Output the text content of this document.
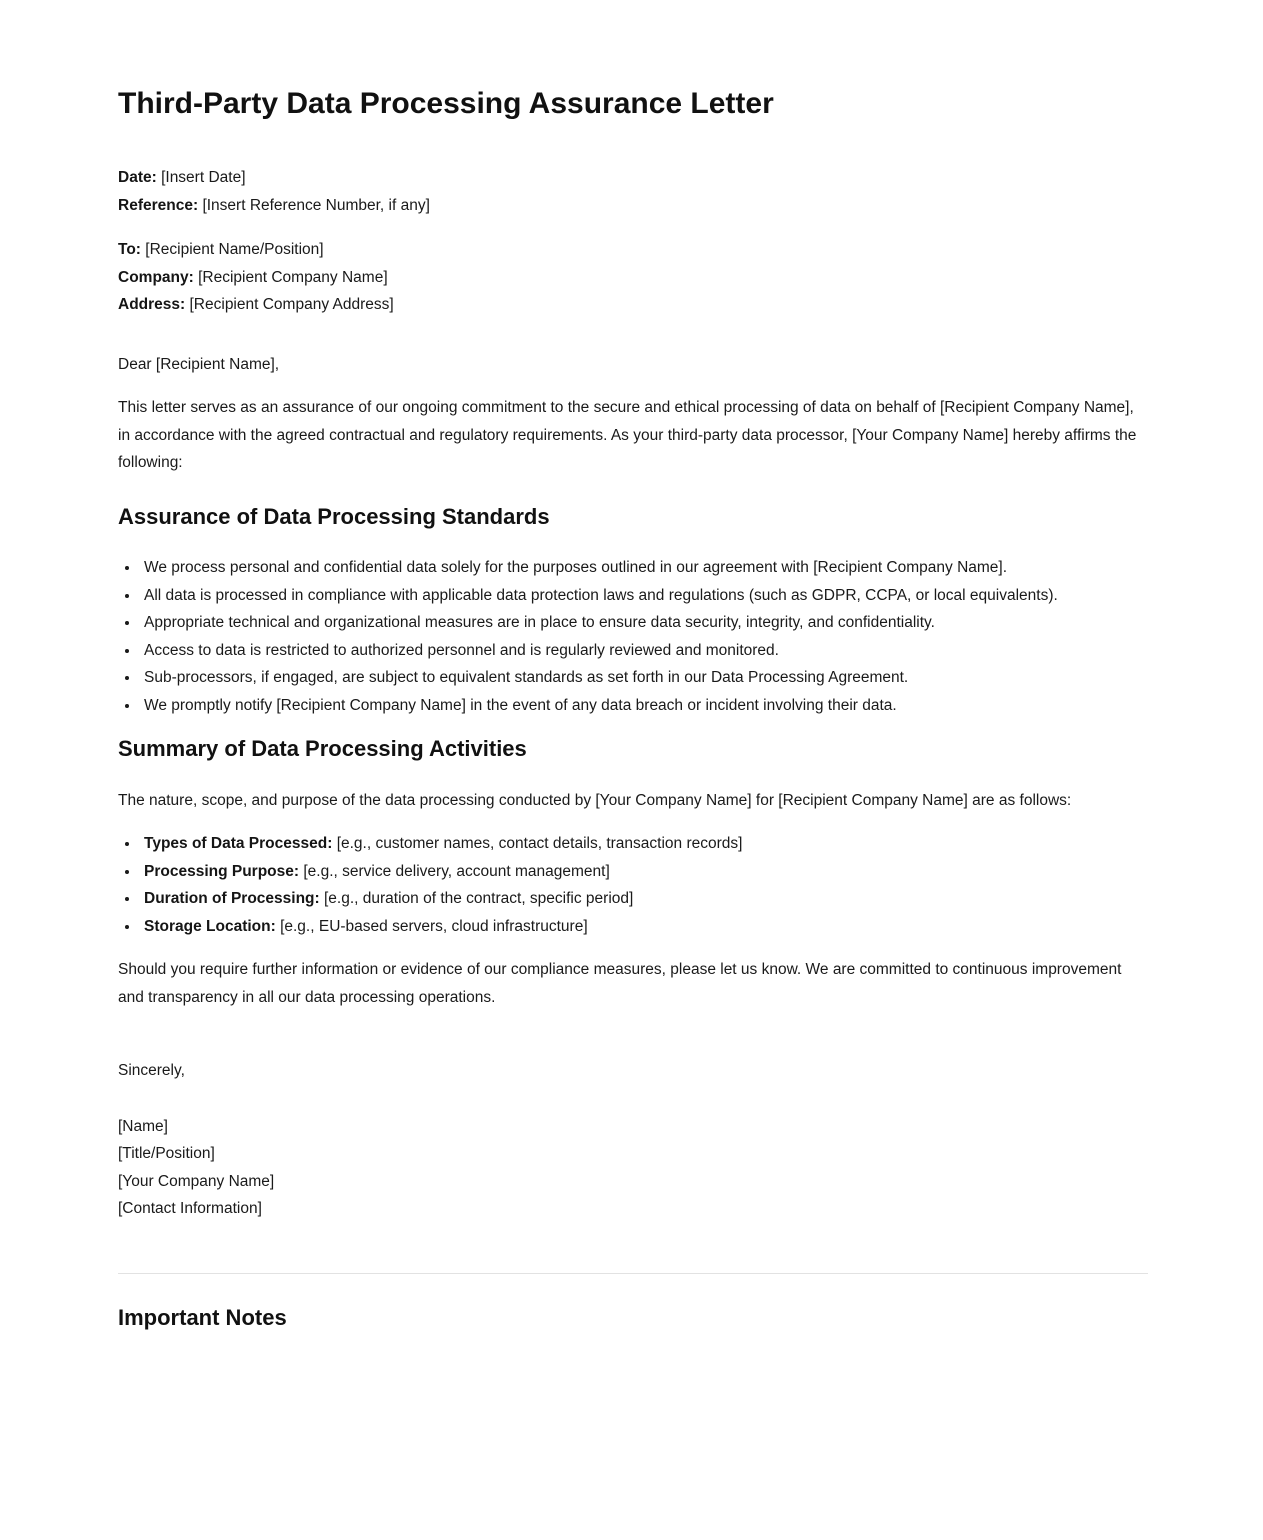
Third-Party Data Processing Assurance Letter

Date: [Insert Date]

Reference: [Insert Reference Number, if any]

To: [Recipient Name/Position]

Company: [Recipient Company Name]

Address: [Recipient Company Address]

Dear [Recipient Name],

This letter serves as an assurance of our ongoing commitment to the secure and ethical processing of data on behalf of [Recipient Company Name], in accordance with the agreed contractual and regulatory requirements. As your third-party data processor, [Your Company Name] hereby affirms the following:

Assurance of Data Processing Standards
• We process personal and confidential data solely for the purposes outlined in our agreement with [Recipient Company Name].
• All data is processed in compliance with applicable data protection laws and regulations (such as GDPR, CCPA, or local equivalents).
• Appropriate technical and organizational measures are in place to ensure data security, integrity, and confidentiality.
• Access to data is restricted to authorized personnel and is regularly reviewed and monitored.
• Sub-processors, if engaged, are subject to equivalent standards as set forth in our Data Processing Agreement.
• We promptly notify [Recipient Company Name] in the event of any data breach or incident involving their data.
Summary of Data Processing Activities

The nature, scope, and purpose of the data processing conducted by [Your Company Name] for [Recipient Company Name] are as follows:

• Types of Data Processed: [e.g., customer names, contact details, transaction records]
• Processing Purpose: [e.g., service delivery, account management]
• Duration of Processing: [e.g., duration of the contract, specific period]
• Storage Location: [e.g., EU-based servers, cloud infrastructure]

Should you require further information or evidence of our compliance measures, please let us know. We are committed to continuous improvement and transparency in all our data processing operations.

Sincerely,

[Name]

[Title/Position]

[Your Company Name]

[Contact Information]

Important Notes
